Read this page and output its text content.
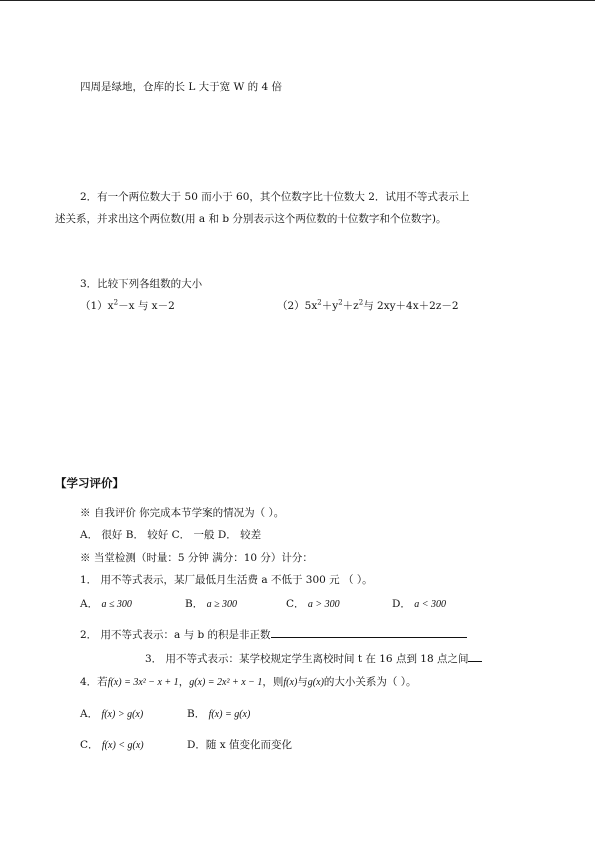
四周是绿地，仓库的长 L 大于宽 W 的 4 倍
2．有一个两位数大于 50 而小于 60，其个位数字比十位数大 2．试用不等式表示上
述关系，并求出这个两位数(用 a 和 b 分别表示这个两位数的十位数字和个位数字)。
3．比较下列各组数的大小
$(1)x^2-x$ 与 x－2	$(2)5x^2+y^2+z^2$与 2xy＋4x＋2z－2
【学习评价】
※ 自我评价 你完成本节学案的情况为（ ）。
A． 很好 B． 较好 C． 一般 D． 较差
※ 当堂检测（时量：5 分钟 满分：10 分）计分：
1． 用不等式表示，某厂最低月生活费 a 不低于 300 元 （ ）。
A． a ≤ 300	B． a ≥ 300	C． a > 300	D． a < 300
2． 用不等式表示：a 与 b 的积是非正数
3． 用不等式表示：某学校规定学生离校时间 t 在 16 点到 18 点之间
4．若f(x) = 3x² − x + 1，g(x) = 2x² + x − 1，则f(x)与g(x)的大小关系为（ ）。
A． f(x) > g(x)	B． f(x) = g(x)
C． f(x) < g(x)	D．随 x 值变化而变化
